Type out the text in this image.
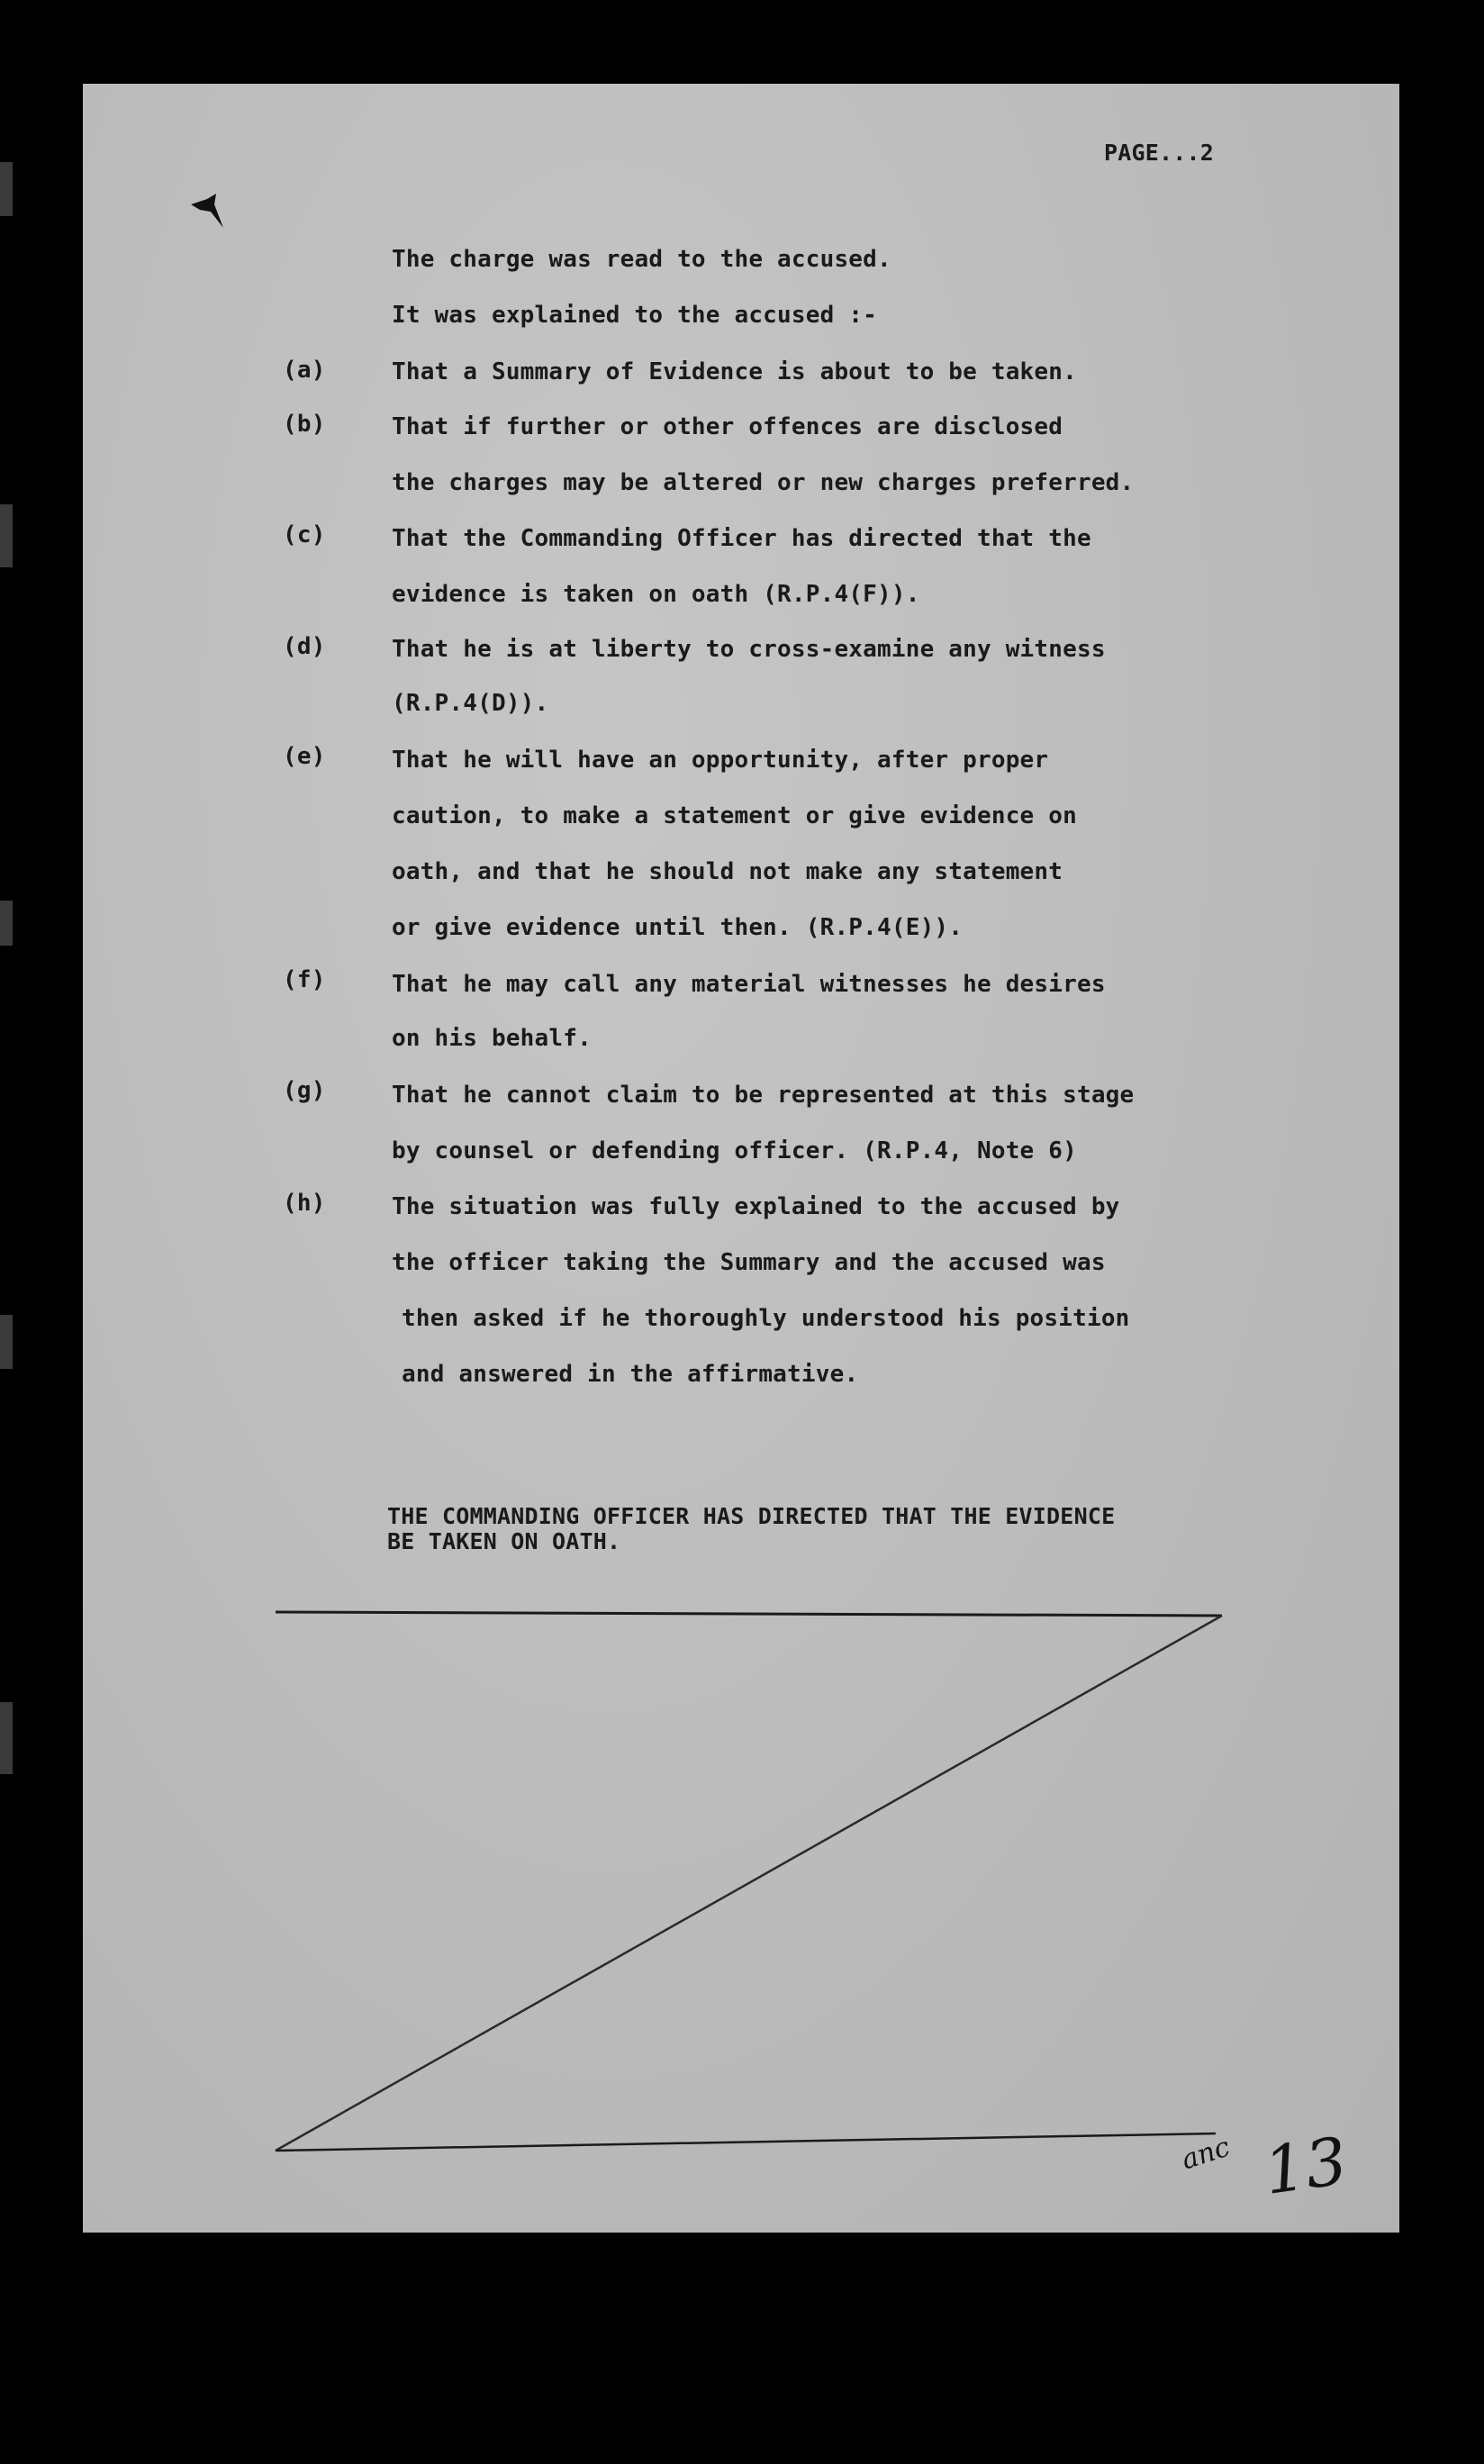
PAGE...2
The charge was read to the accused.
It was explained to the accused :-
(a)	That a Summary of Evidence is about to be taken.
(b)	That if further or other offences are disclosed
the charges may be altered or new charges preferred.
(c)	That the Commanding Officer has directed that the
evidence is taken on oath (R.P.4(F)).
(d)	That he is at liberty to cross-examine any witness
(R.P.4(D)).
(e)	That he will have an opportunity, after proper
caution, to make a statement or give evidence on
oath, and that he should not make any statement
or give evidence until then. (R.P.4(E)).
(f)	That he may call any material witnesses he desires
on his behalf.
(g)	That he cannot claim to be represented at this stage
by counsel or defending officer. (R.P.4, Note 6)
(h)	The situation was fully explained to the accused by
the officer taking the Summary and the accused was
then asked if he thoroughly understood his position
and answered in the affirmative.
THE COMMANDING OFFICER HAS DIRECTED THAT THE EVIDENCE
BE TAKEN ON OATH.
anc 13
